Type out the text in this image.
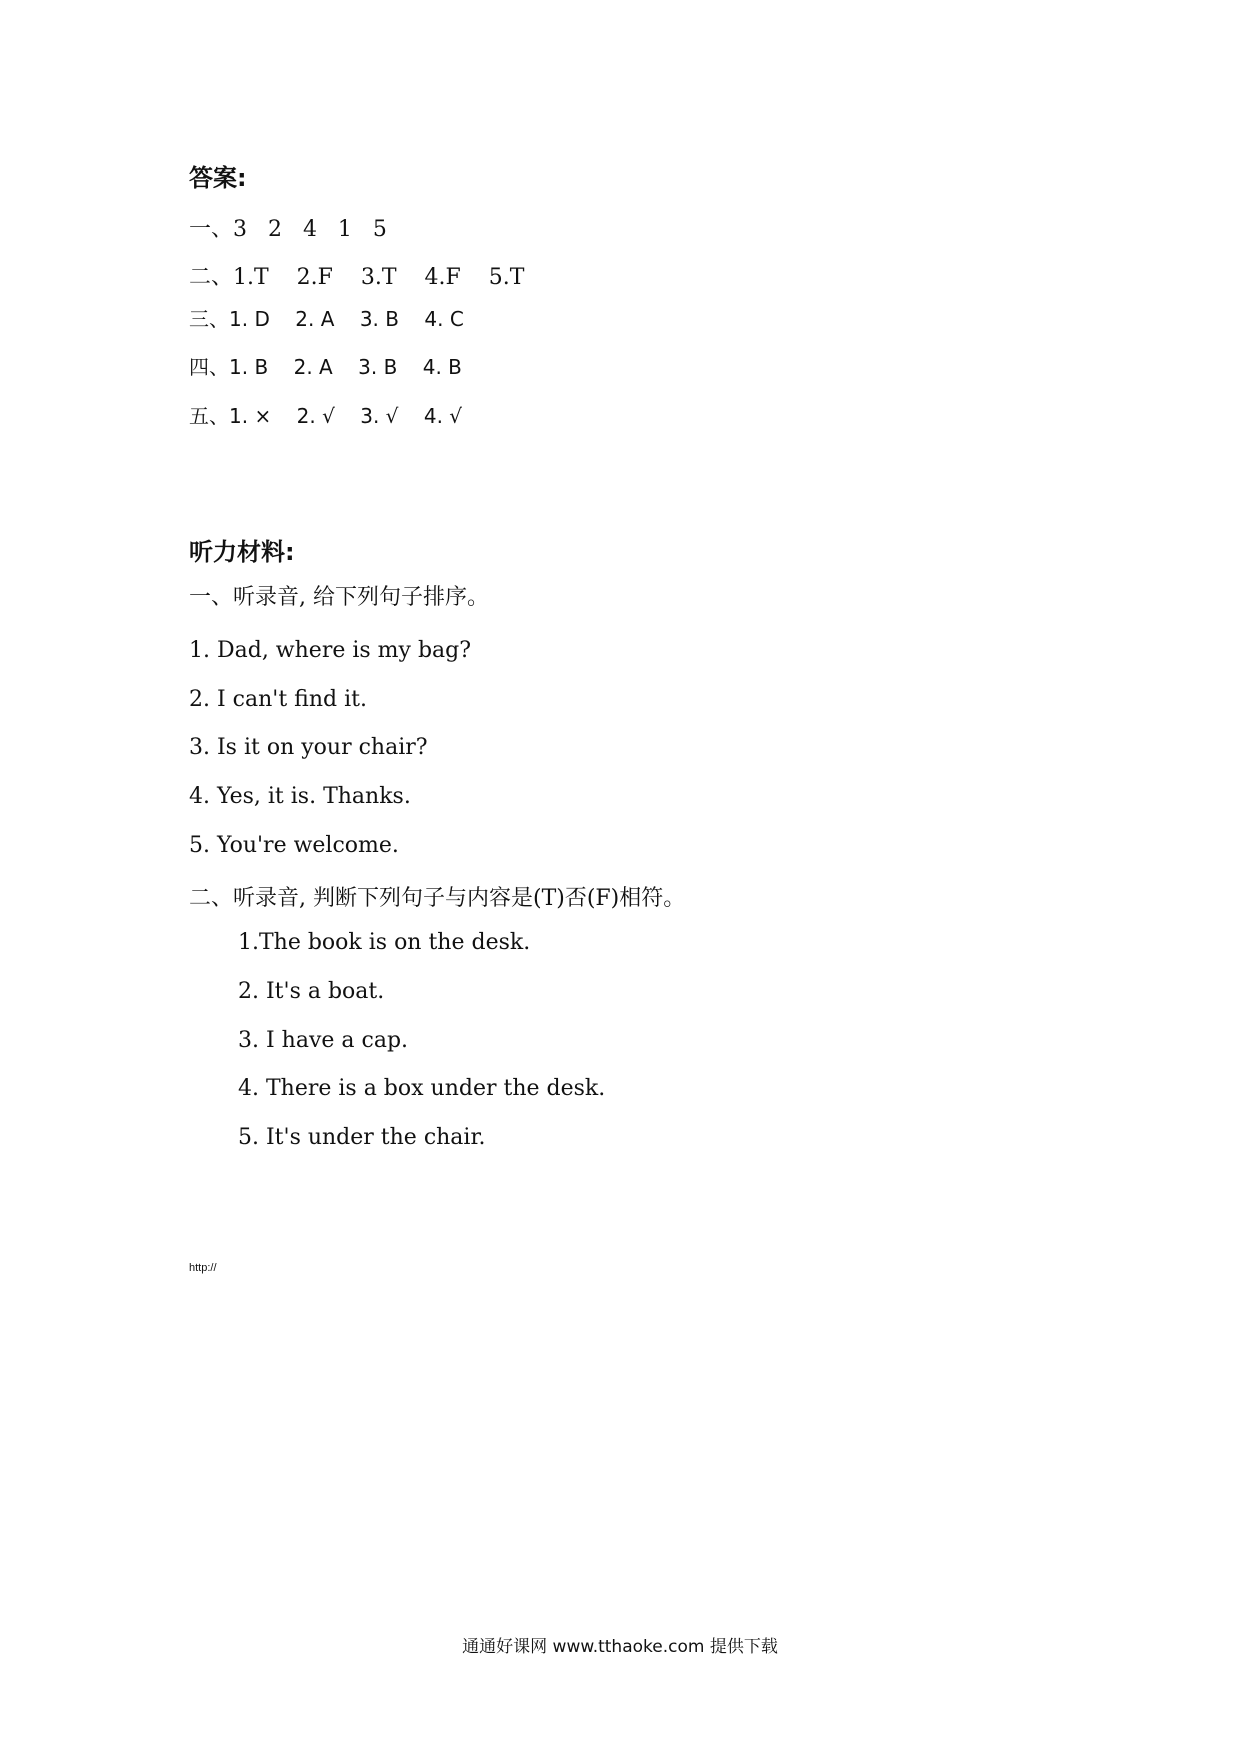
答案:
一、3   2   4   1   5
二、1.T    2.F    3.T    4.F    5.T
三、1. D    2. A    3. B    4. C
四、1. B    2. A    3. B    4. B
五、1. ×    2. √    3. √    4. √
听力材料:
一、听录音, 给下列句子排序。
1. Dad, where is my bag?
2. I can't find it.
3. Is it on your chair?
4. Yes, it is. Thanks.
5. You're welcome.
二、听录音, 判断下列句子与内容是(T)否(F)相符。
1.The book is on the desk.
2. It's a boat.
3. I have a cap.
4. There is a box under the desk.
5. It's under the chair.
http://
通通好课网 www.tthaoke.com 提供下载
